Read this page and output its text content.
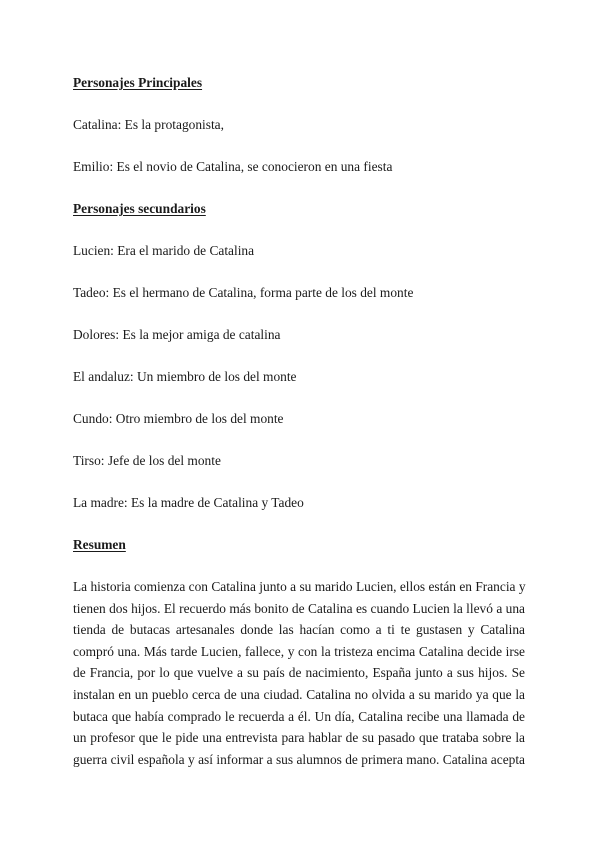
Personajes Principales
Catalina: Es la protagonista,
Emilio: Es el novio de Catalina, se conocieron en una fiesta
Personajes secundarios
Lucien: Era el marido de Catalina
Tadeo: Es el hermano de Catalina, forma parte de los del monte
Dolores: Es la mejor amiga de catalina
El andaluz: Un miembro de los del monte
Cundo: Otro miembro de los del monte
Tirso: Jefe de los del monte
La madre: Es la madre de Catalina y Tadeo
Resumen
La historia comienza con Catalina junto a su marido Lucien, ellos están en Francia y
tienen dos hijos. El recuerdo más bonito de Catalina es cuando Lucien la llevó a una
tienda de butacas artesanales donde las hacían como a ti te gustasen y Catalina
compró una. Más tarde Lucien, fallece, y con la tristeza encima Catalina decide irse
de Francia, por lo que vuelve a su país de nacimiento, España junto a sus hijos. Se
instalan en un pueblo cerca de una ciudad. Catalina no olvida a su marido ya que la
butaca que había comprado le recuerda a él. Un día, Catalina recibe una llamada de
un profesor que le pide una entrevista para hablar de su pasado que trataba sobre la
guerra civil española y así informar a sus alumnos de primera mano. Catalina acepta
